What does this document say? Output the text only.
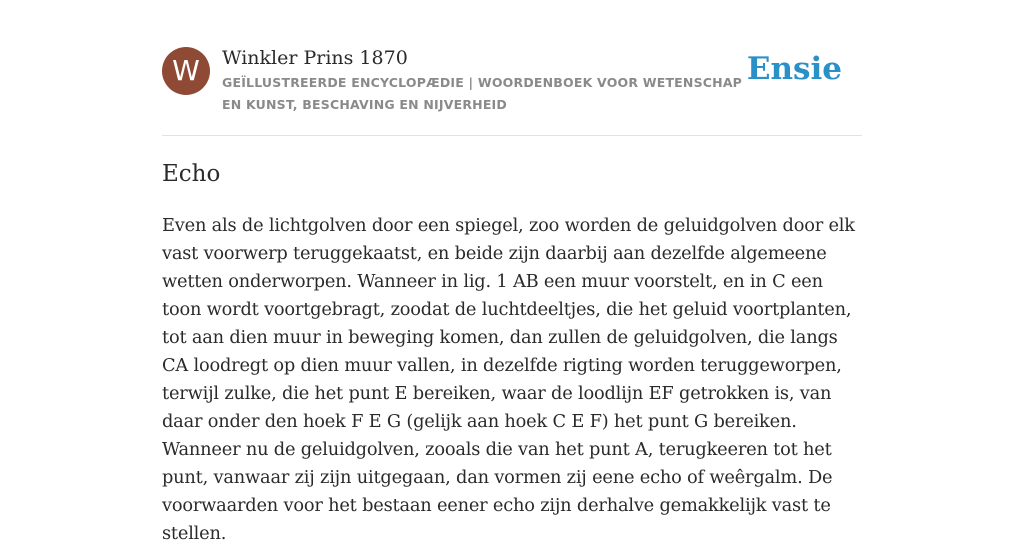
W	Winkler Prins 1870
GEÏLLUSTREERDE ENCYCLOPÆDIE | WOORDENBOEK VOOR WETENSCHAP EN KUNST, BESCHAVING EN NIJVERHEID
Ensie
Echo

Even als de lichtgolven door een spiegel, zoo worden de geluidgolven door elk vast voorwerp teruggekaatst, en beide zijn daarbij aan dezelfde algemeene wetten onderworpen. Wanneer in lig. 1 AB een muur voorstelt, en in C een toon wordt voortgebragt, zoodat de luchtdeeltjes, die het geluid voortplanten, tot aan dien muur in beweging komen, dan zullen de geluidgolven, die langs CA loodregt op dien muur vallen, in dezelfde rigting worden teruggeworpen, terwijl zulke, die het punt E bereiken, waar de loodlijn EF getrokken is, van daar onder den hoek F E G (gelijk aan hoek C E F) het punt G bereiken. Wanneer nu de geluidgolven, zooals die van het punt A, terugkeeren tot het punt, vanwaar zij zijn uitgegaan, dan vormen zij eene echo of weêrgalm. De voorwaarden voor het bestaan eener echo zijn derhalve gemakkelijk vast te stellen.
